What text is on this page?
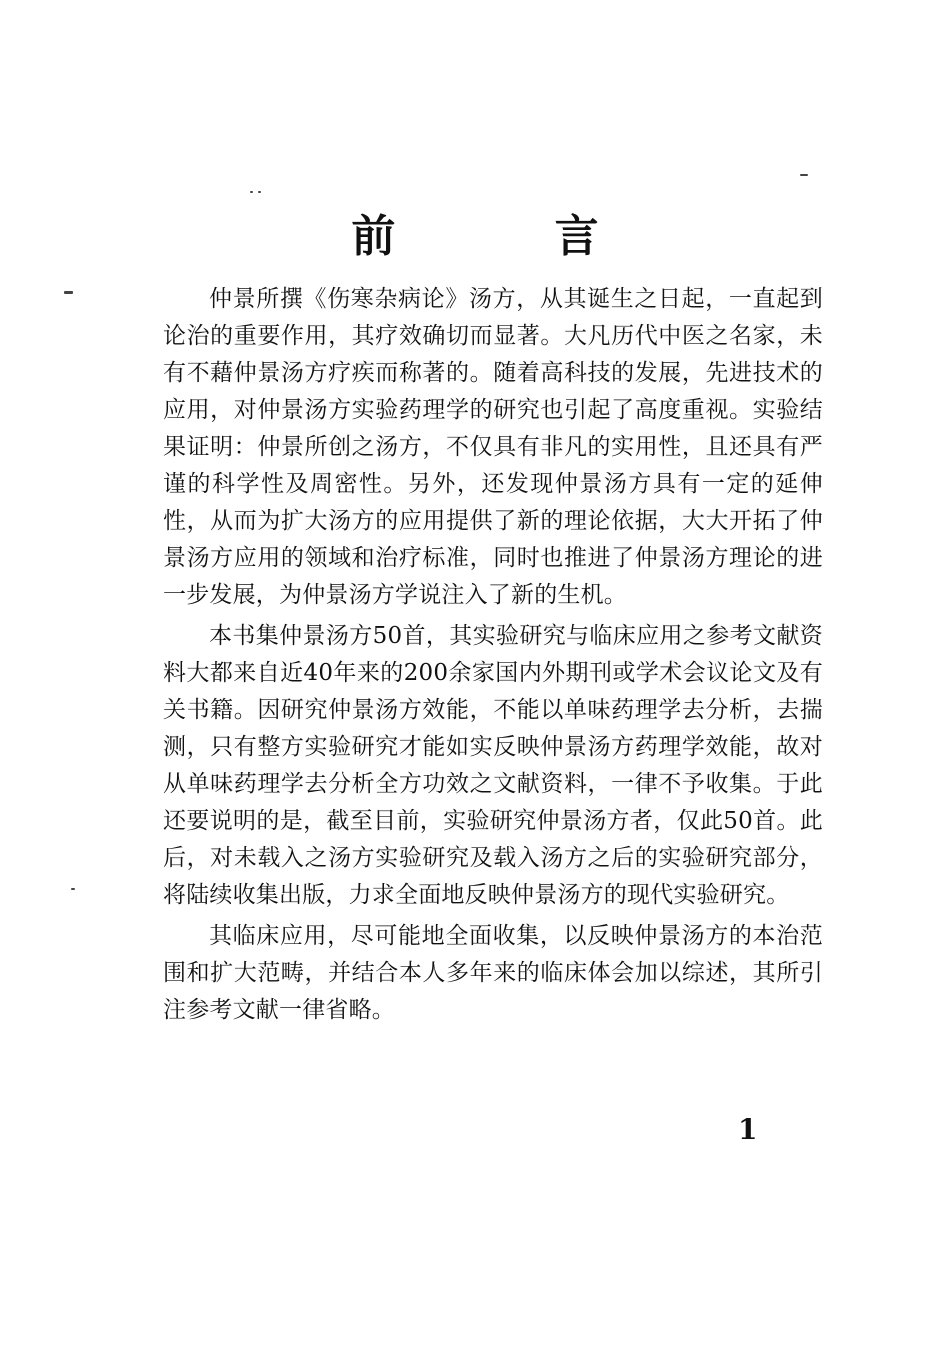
前 言

仲景所撰《伤寒杂病论》汤方，从其诞生之日起，一直起到论治的重要作用，其疗效确切而显著。大凡历代中医之名家，未有不藉仲景汤方疗疾而称著的。随着高科技的发展，先进技术的应用，对仲景汤方实验药理学的研究也引起了高度重视。实验结果证明：仲景所创之汤方，不仅具有非凡的实用性，且还具有严谨的科学性及周密性。另外，还发现仲景汤方具有一定的延伸性，从而为扩大汤方的应用提供了新的理论依据，大大开拓了仲景汤方应用的领域和治疗标准，同时也推进了仲景汤方理论的进一步发展，为仲景汤方学说注入了新的生机。

本书集仲景汤方50首，其实验研究与临床应用之参考文献资料大都来自近40年来的200余家国内外期刊或学术会议论文及有关书籍。因研究仲景汤方效能，不能以单味药理学去分析，去揣测，只有整方实验研究才能如实反映仲景汤方药理学效能，故对从单味药理学去分析全方功效之文献资料，一律不予收集。于此还要说明的是，截至目前，实验研究仲景汤方者，仅此50首。此后，对未载入之汤方实验研究及载入汤方之后的实验研究部分，将陆续收集出版，力求全面地反映仲景汤方的现代实验研究。

其临床应用，尽可能地全面收集，以反映仲景汤方的本治范围和扩大范畴，并结合本人多年来的临床体会加以综述，其所引注参考文献一律省略。

1
